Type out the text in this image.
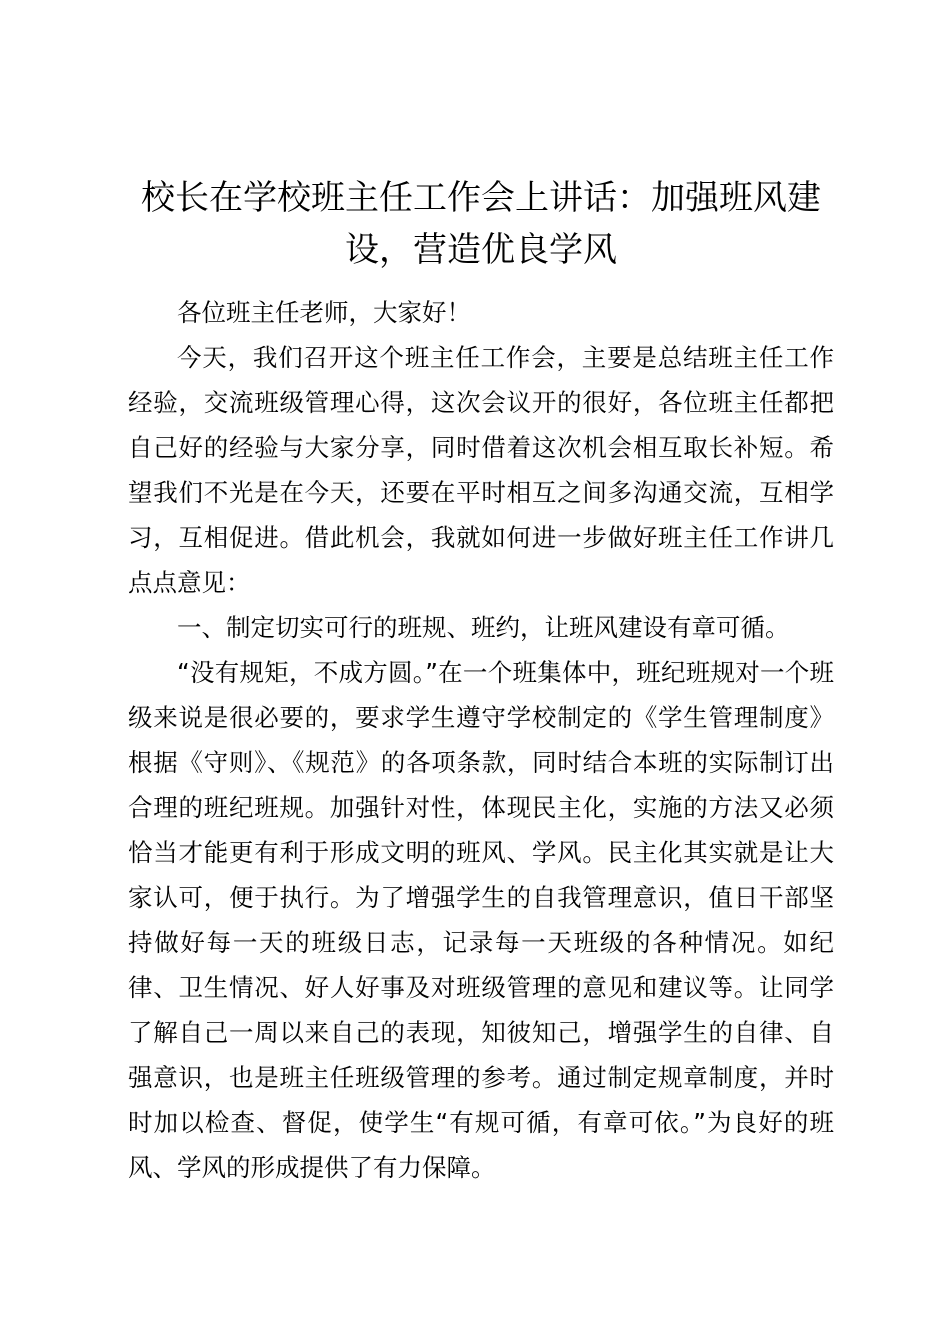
校长在学校班主任工作会上讲话：加强班风建设，营造优良学风

各位班主任老师，大家好！

今天，我们召开这个班主任工作会，主要是总结班主任工作经验，交流班级管理心得，这次会议开的很好，各位班主任都把自己好的经验与大家分享，同时借着这次机会相互取长补短。希望我们不光是在今天，还要在平时相互之间多沟通交流，互相学习，互相促进。借此机会，我就如何进一步做好班主任工作讲几点点意见：

一、制定切实可行的班规、班约，让班风建设有章可循。

“没有规矩，不成方圆。”在一个班集体中，班纪班规对一个班级来说是很必要的，要求学生遵守学校制定的《学生管理制度》根据《守则》、《规范》的各项条款，同时结合本班的实际制订出合理的班纪班规。加强针对性，体现民主化，实施的方法又必须恰当才能更有利于形成文明的班风、学风。民主化其实就是让大家认可，便于执行。为了增强学生的自我管理意识，值日干部坚持做好每一天的班级日志，记录每一天班级的各种情况。如纪律、卫生情况、好人好事及对班级管理的意见和建议等。让同学了解自己一周以来自己的表现，知彼知己，增强学生的自律、自强意识，也是班主任班级管理的参考。通过制定规章制度，并时时加以检查、督促，使学生“有规可循，有章可依。”为良好的班风、学风的形成提供了有力保障。
